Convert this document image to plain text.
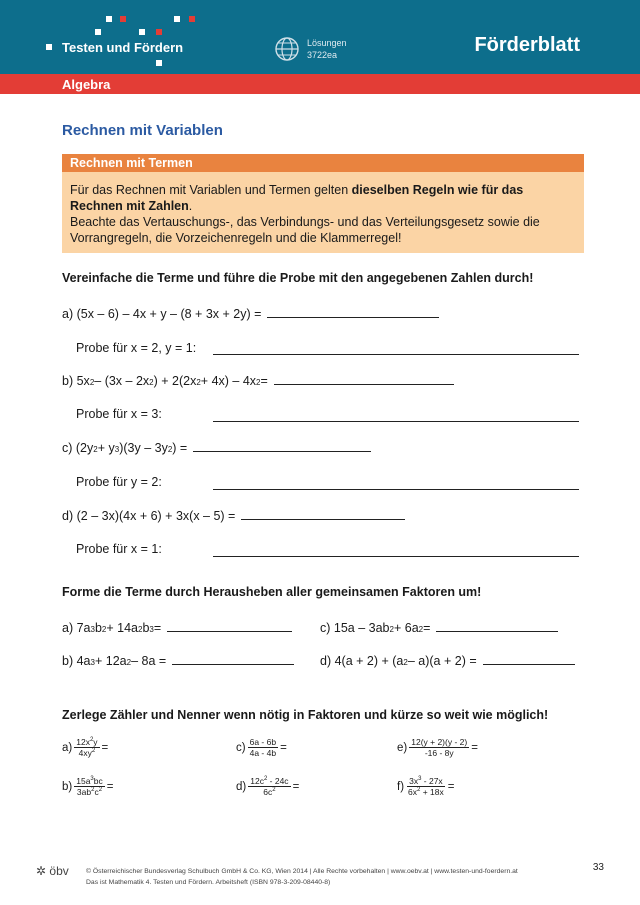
Testen und Fördern	Lösungen
3722ea	Förderblatt
Algebra
Rechnen mit Variablen
Rechnen mit Termen
Für das Rechnen mit Variablen und Termen gelten dieselben Regeln wie für das Rechnen mit Zahlen.
Beachte das Vertauschungs-, das Verbindungs- und das Verteilungsgesetz sowie die Vorrangregeln, die Vorzeichenregeln und die Klammerregel!
Vereinfache die Terme und führe die Probe mit den angegebenen Zahlen durch!
a) (5x – 6) – 4x + y – (8 + 3x + 2y) =
Probe für x = 2, y = 1:
b) 5x 2 – (3x – 2x 2 ) + 2(2x 2 + 4x) – 4x 2 =
Probe für x = 3:
c) (2y 2 + y 3 )(3y – 3y 2 ) =
Probe für y = 2:
d)
(2 – 3x)(4x + 6) + 3x(x – 5) =
Probe für x = 1:
Forme die Terme durch Herausheben aller gemeinsamen Faktoren um!
a) 7a 3 b 2 + 14a 2 b 3 =	c) 15a – 3ab 2 + 6a 2 =
b) 4a 3 + 12a 2 – 8a =	d) 4(a + 2) + (a 2 – a)(a + 2) =
Zerlege Zähler und Nenner wenn nötig in Faktoren und kürze so weit wie möglich!
$a) \frac{12x^2y}{4xy^2}$ =	$c) \frac{6a - 6b}{4a - 4b}$ =	$e) \frac{12(y + 2)(y - 2)}{-16 - 8y}$ =
$b) \frac{15a^3bc}{3ab^2c^2}$ =	$d) \frac{12c^2 - 24c}{6c^2}$ =	$f) \frac{3x^3 - 27x}{6x^2 + 18x}$ =
✲ öbv	© Österreichischer Bundesverlag Schulbuch GmbH & Co. KG, Wien 2014 | Alle Rechte vorbehalten | www.oebv.at | www.testen-und-foerdern.at
Das ist Mathematik 4. Testen und Fördern. Arbeitsheft (ISBN 978-3-209-08440-8)
33
